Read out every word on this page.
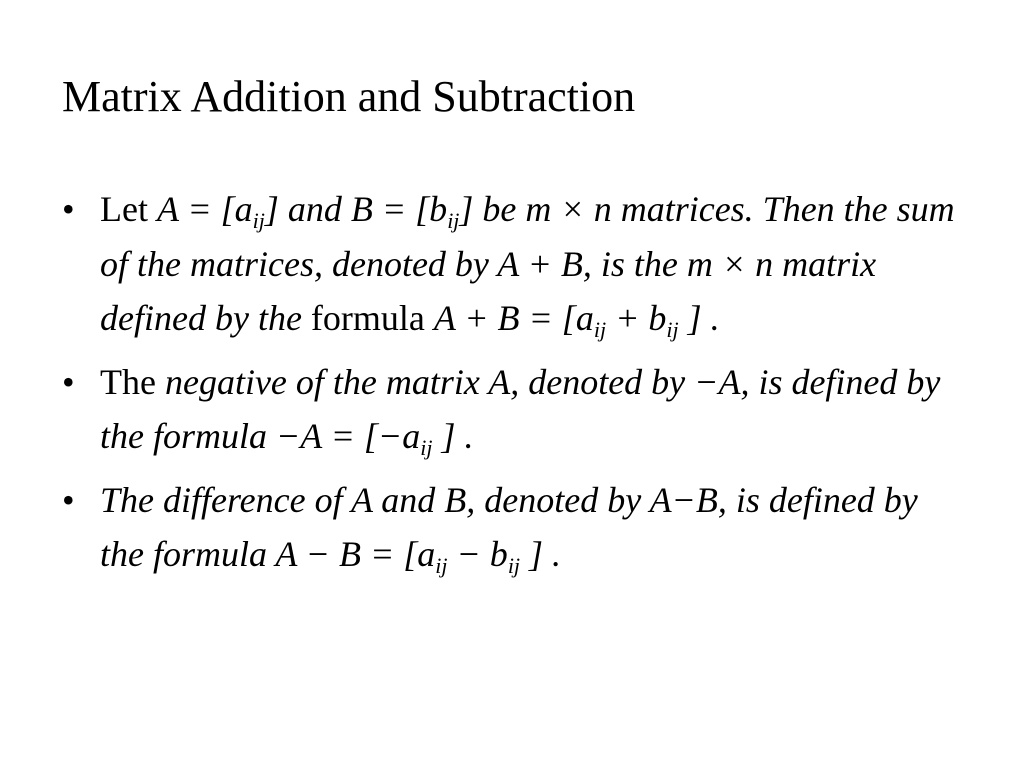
Matrix Addition and Subtraction
• Let $A = [a_{ij}]$ and $B = [b_{ij}]$ be m × n matrices. Then the sum of the matrices, denoted by A + B, is the m × n matrix defined by the formula $A + B = [a_{ij} + b_{ij}$ ] .
• The negative of the matrix A, denoted by −A, is defined by the formula $-A = [-a_{ij}$ ] .
• The difference of A and B, denoted by A−B, is defined by the formula $A - B = [a_{ij} - b_{ij}$ ] .
